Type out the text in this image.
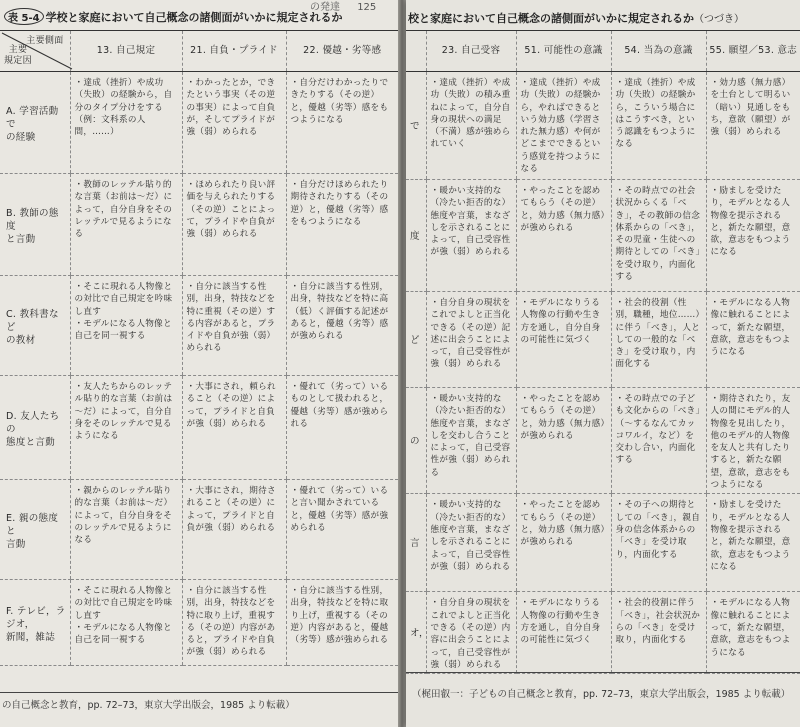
の発達 125
表 5-4 学校と家庭において自己概念の諸側面がいかに規定されるか
主要側面
主要
規定因	13. 自己規定	21. 自負・プライド	22. 優越・劣等感
A. 学習活動で
の経験	・達成（挫折）や成功（失敗）の経験から，自分のタイプ分けをする（例：文科系の人間，……）	・わかったとか，できたという事実（その逆の事実）によって自負が，そしてプライドが強（弱）められる	・自分だけわかったりできたりする（その逆）と，優越（劣等）感をもつようになる
B. 教師の態度
と言動	・教師のレッテル貼り的な言葉（お前は～だ）によって，自分自身をそのレッテルで見るようになる	・ほめられたり良い評価を与えられたりする（その逆）ことによって，プライドや自負が強（弱）められる	・自分だけほめられたり期待されたりする（その逆）と，優越（劣等）感をもつようになる
C. 教科書など
の教材	・そこに現れる人物像との対比で自己規定を吟味し直す
・モデルになる人物像と自己を同一視する	・自分に該当する性別，出身，特技などを特に重視（その逆）する内容があると，プライドや自負が強（弱）められる	・自分に該当する性別，出身，特技などを特に高（低）く評価する記述があると，優越（劣等）感が強められる
D. 友人たちの
態度と言動	・友人たちからのレッテル貼り的な言葉（お前は～だ）によって，自分自身をそのレッテルで見るようになる	・大事にされ，頼られること（その逆）によって，プライドと自負が強（弱）められる	・優れて（劣って）いるものとして扱われると，優越（劣等）感が強められる
E. 親の態度と
言動	・親からのレッテル貼り的な言葉（お前は～だ）によって，自分自身をそのレッテルで見るようになる	・大事にされ，期待されること（その逆）によって，プライドと自負が強（弱）められる	・優れて（劣って）いると言い聞かされていると，優越（劣等）感が強められる
F. テレビ，ラジオ，
新聞，雑誌	・そこに現れる人物像との対比で自己規定を吟味し直す
・モデルになる人物像と自己を同一視する	・自分に該当する性別，出身，特技などを特に取り上げ，重視する（その逆）内容があると，プライドや自負が強（弱）められる	・自分に該当する性別，出身，特技などを特に取り上げ，重視する（その逆）内容があると，優越（劣等）感が強められる
の自己概念と教育，pp. 72–73，東京大学出版会，1985 より転載）
校と家庭において自己概念の諸側面がいかに規定されるか（つづき）
	23. 自己受容	51. 可能性の意識	54. 当為の意識	55. 願望／53. 意志
で	・達成（挫折）や成功（失敗）の積み重ねによって，自分自身の現状への満足（不満）感が強められていく	・達成（挫折）や成功（失敗）の経験から，やればできるという効力感（学習された無力感）や何がどこまでできるという感覚を持つようになる	・達成（挫折）や成功（失敗）の経験から，こういう場合にはこうすべき，という認識をもつようになる	・効力感（無力感）を土台として明るい（暗い）見通しをもち，意欲（願望）が強（弱）められる
度	・暖かい支持的な（冷たい拒否的な）態度や言葉，まなざしを示されることによって，自己受容性が強（弱）められる	・やったことを認めてもらう（その逆）と，効力感（無力感）が強められる	・その時点での社会状況からくる「べき」，その教師の信念体系からの「べき」，その児童・生徒への期待としての「べき」を受け取り，内面化する	・励ましを受けたり，モデルとなる人物像を提示されると，新たな願望，意欲，意志をもつようになる
ど	・自分自身の現状をこれでよしと正当化できる（その逆）記述に出会うことによって，自己受容性が強（弱）められる	・モデルになりうる人物像の行動や生き方を通し，自分自身の可能性に気づく	・社会的役割（性別，職種，地位……）に伴う「べき」，人としての一般的な「べき」を受け取り，内面化する	・モデルになる人物像に触れることによって，新たな願望，意欲，意志をもつようになる
の	・暖かい支持的な（冷たい拒否的な）態度や言葉，まなざしを交わし合うことによって，自己受容性が強（弱）められる	・やったことを認めてもらう（その逆）と，効力感（無力感）が強められる	・その時点での子ども文化からの「べき」（～するなんてカッコワルイ，など）を交わし合い，内面化する	・期待されたり，友人の間にモデル的人物像を見出したり，他のモデル的人物像を友人と共有したりすると，新たな願望，意欲，意志をもつようになる
言	・暖かい支持的な（冷たい拒否的な）態度や言葉，まなざしを示されることによって，自己受容性が強（弱）められる	・やったことを認めてもらう（その逆）と，効力感（無力感）が強められる	・その子への期待としての「べき」，親自身の信念体系からの「べき」を受け取り，内面化する	・励ましを受けたり，モデルとなる人物像を提示されると，新たな願望，意欲，意志をもつようになる
オ，	・自分自身の現状をこれでよしと正当化できる（その逆）内容に出会うことによって，自己受容性が強（弱）められる	・モデルになりうる人物像の行動や生き方を通し，自分自身の可能性に気づく	・社会的役割に伴う「べき」，社会状況からの「べき」を受け取り，内面化する	・モデルになる人物像に触れることによって，新たな願望，意欲，意志をもつようになる
（梶田叡一：子どもの自己概念と教育，pp. 72–73，東京大学出版会，1985 より転載）
